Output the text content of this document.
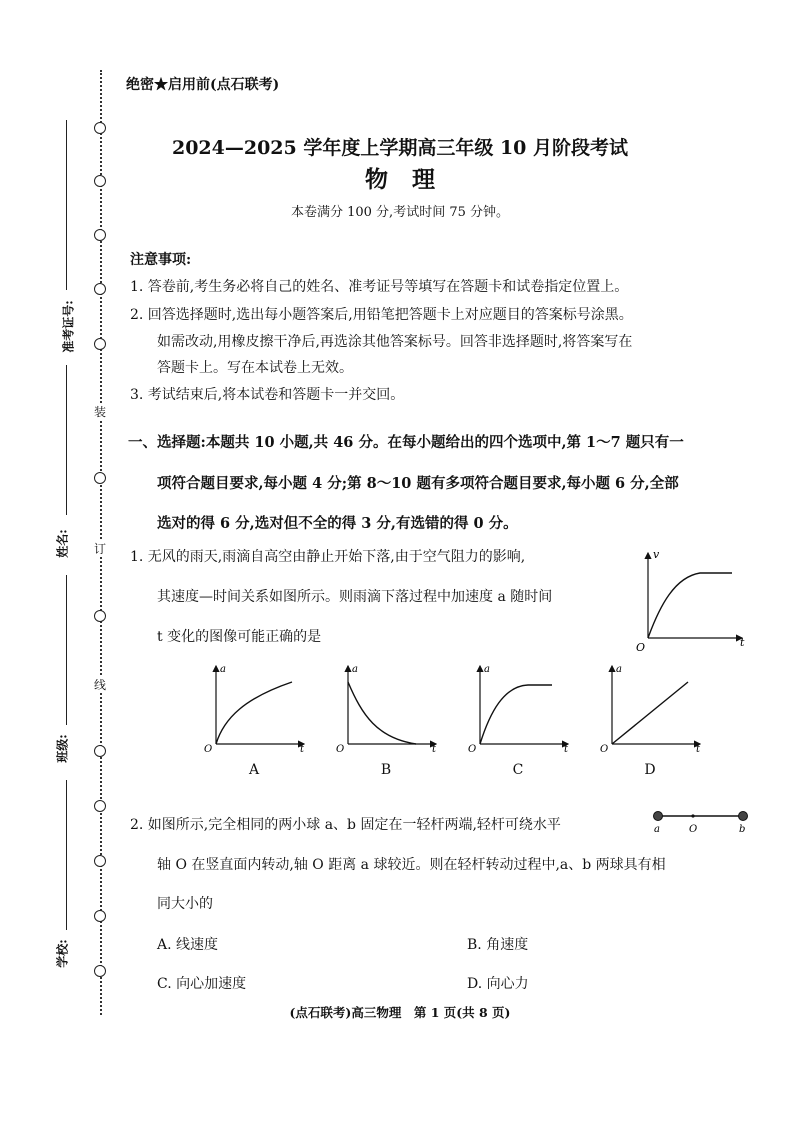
装
订
线
准考证号:
姓名:
班级:
学校:
绝密★启用前(点石联考)
2024—2025 学年度上学期高三年级 10 月阶段考试
物理
本卷满分 100 分,考试时间 75 分钟。
注意事项:
1. 答卷前,考生务必将自己的姓名、准考证号等填写在答题卡和试卷指定位置上。
2. 回答选择题时,选出每小题答案后,用铅笔把答题卡上对应题目的答案标号涂黑。
如需改动,用橡皮擦干净后,再选涂其他答案标号。回答非选择题时,将答案写在
答题卡上。写在本试卷上无效。
3. 考试结束后,将本试卷和答题卡一并交回。
一、选择题:本题共 10 小题,共 46 分。在每小题给出的四个选项中,第 1～7 题只有一
项符合题目要求,每小题 4 分;第 8～10 题有多项符合题目要求,每小题 6 分,全部
选对的得 6 分,选对但不全的得 3 分,有选错的得 0 分。
1. 无风的雨天,雨滴自高空由静止开始下落,由于空气阻力的影响,
其速度—时间关系如图所示。则雨滴下落过程中加速度 a 随时间
t 变化的图像可能正确的是
v
t
O
a
t
O
A
a
t
O
B
a
t
O
C
a
t
O
D
2. 如图所示,完全相同的两小球 a、b 固定在一轻杆两端,轻杆可绕水平
轴 O 在竖直面内转动,轴 O 距离 a 球较近。则在轻杆转动过程中,a、b 两球具有相
同大小的
a	O	b
A. 线速度	B. 角速度
C. 向心加速度	D. 向心力
(点石联考)高三物理　第 1 页(共 8 页)
